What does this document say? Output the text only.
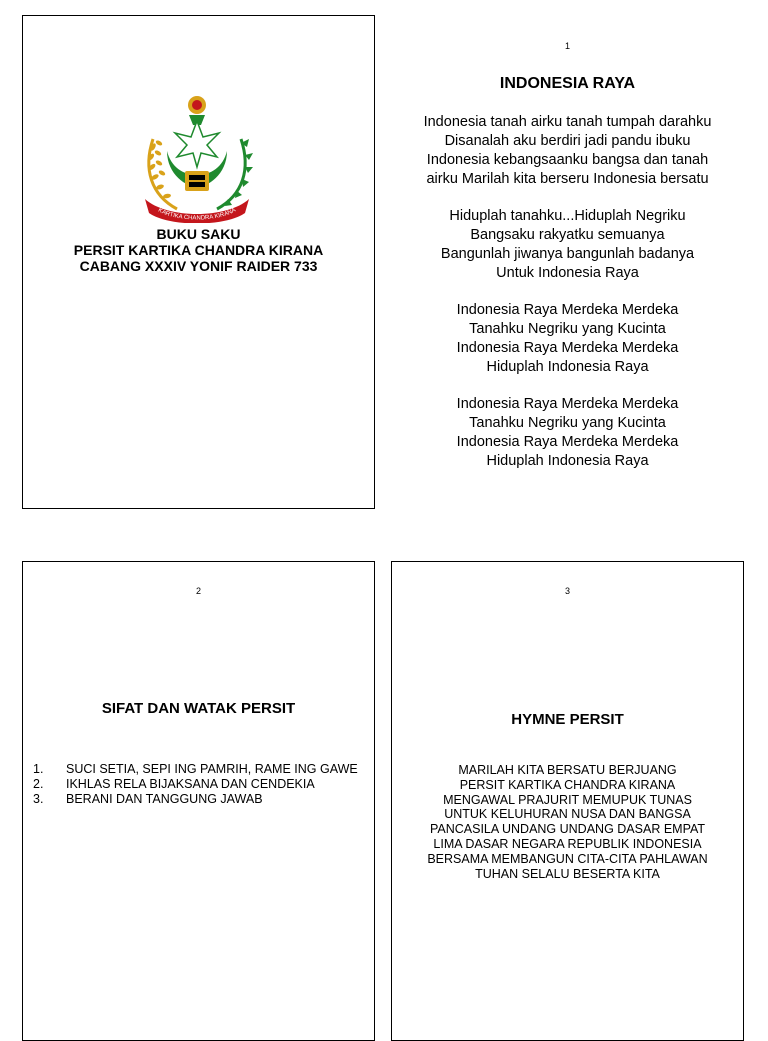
KARTIKA CHANDRA KIRANA
BUKU SAKU
PERSIT KARTIKA CHANDRA KIRANA
CABANG XXXIV YONIF RAIDER 733
1
INDONESIA RAYA
Indonesia tanah airku tanah tumpah darahku
Disanalah aku berdiri jadi pandu ibuku
Indonesia kebangsaanku bangsa dan tanah
airku Marilah kita berseru Indonesia bersatu
Hiduplah tanahku...Hiduplah Negriku
Bangsaku rakyatku semuanya
Bangunlah jiwanya bangunlah badanya
Untuk Indonesia Raya
Indonesia Raya Merdeka Merdeka
Tanahku Negriku yang Kucinta
Indonesia Raya Merdeka Merdeka
Hiduplah Indonesia Raya
Indonesia Raya Merdeka Merdeka
Tanahku Negriku yang Kucinta
Indonesia Raya Merdeka Merdeka
Hiduplah Indonesia Raya
2
SIFAT DAN WATAK PERSIT
1.	SUCI SETIA, SEPI ING PAMRIH, RAME ING GAWE
2.	IKHLAS RELA BIJAKSANA DAN CENDEKIA
3.	BERANI DAN TANGGUNG JAWAB
3
HYMNE PERSIT
MARILAH KITA BERSATU BERJUANG
PERSIT KARTIKA CHANDRA KIRANA
MENGAWAL PRAJURIT MEMUPUK TUNAS
UNTUK KELUHURAN NUSA DAN BANGSA
PANCASILA UNDANG UNDANG DASAR EMPAT
LIMA DASAR NEGARA REPUBLIK INDONESIA
BERSAMA MEMBANGUN CITA-CITA PAHLAWAN
TUHAN SELALU BESERTA KITA
